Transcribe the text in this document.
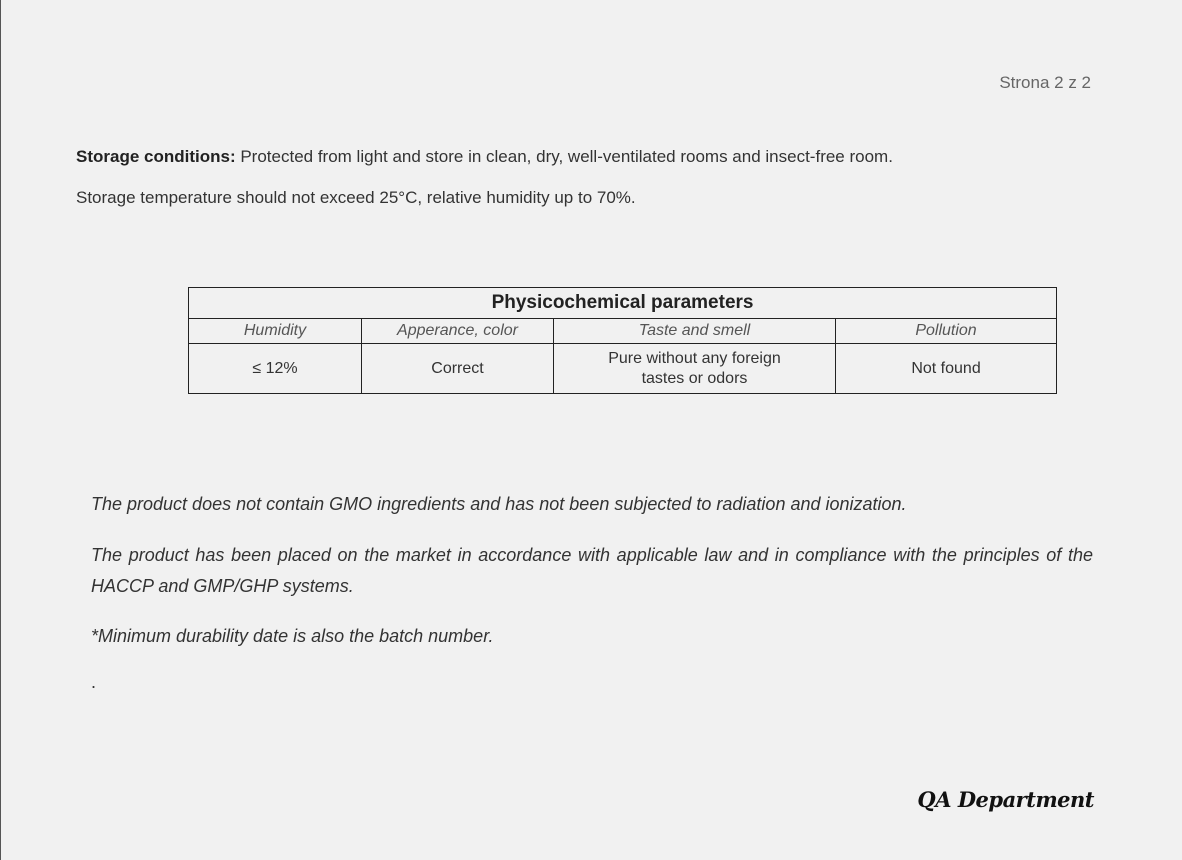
Strona 2 z 2

Storage conditions: Protected from light and store in clean, dry, well-ventilated rooms and insect-free room.

Storage temperature should not exceed 25°C, relative humidity up to 70%.

Physicochemical parameters			
Humidity	Apperance, color	Taste and smell	Pollution
≤ 12%	Correct	Pure without any foreign tastes or odors	Not found

The product does not contain GMO ingredients and has not been subjected to radiation and ionization.

The product has been placed on the market in accordance with applicable law and in compliance with the principles of the HACCP and GMP/GHP systems.

*Minimum durability date is also the batch number.

.
QA Department
